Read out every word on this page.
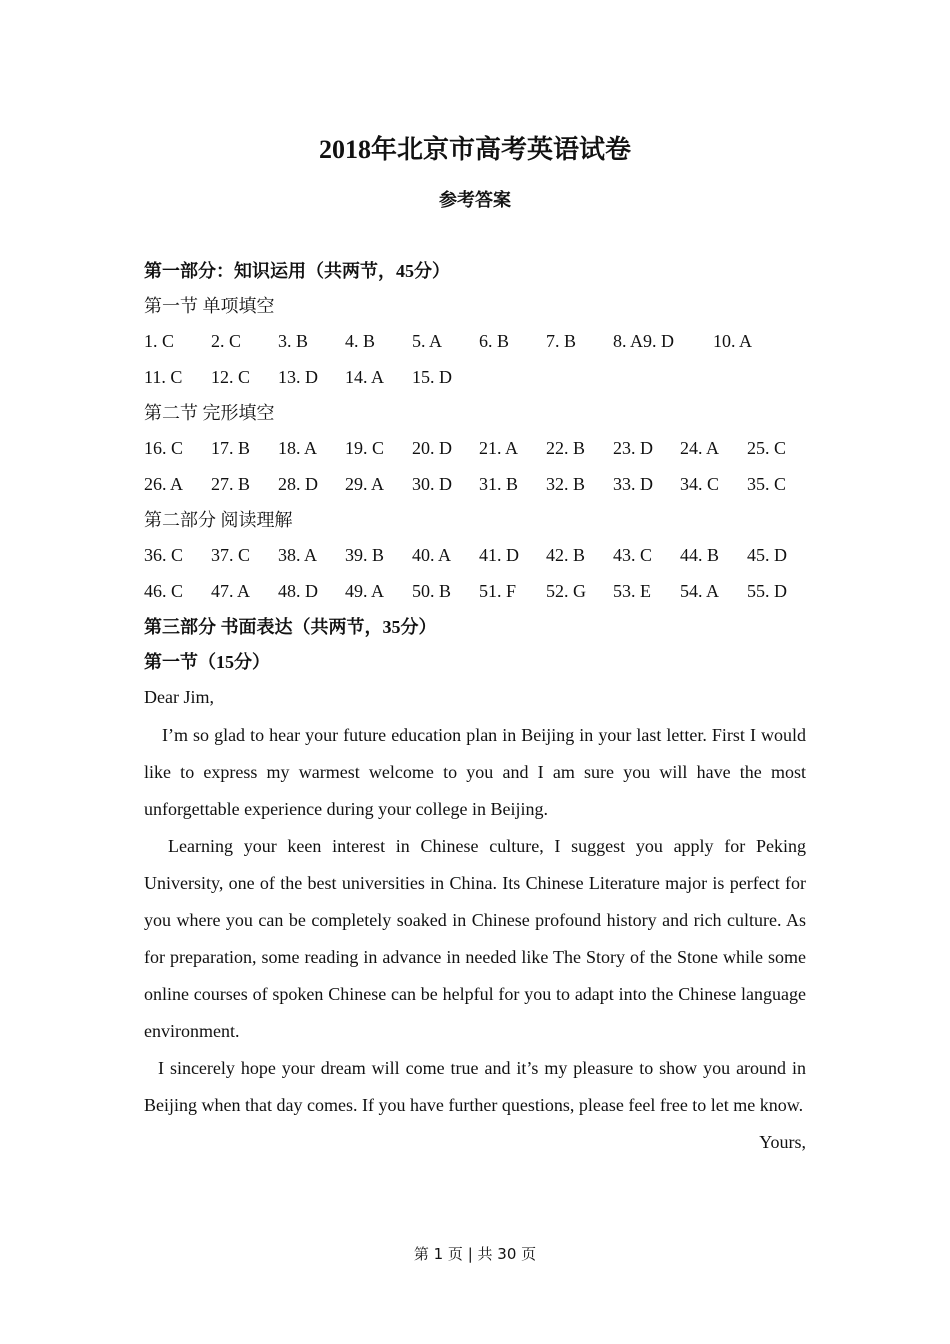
2018年北京市高考英语试卷
参考答案
第一部分：知识运用（共两节，45分）
第一节 单项填空
1. C 2. C 3. B 4. B 5. A 6. B 7. B 8. A9. D 10. A
11. C 12. C 13. D 14. A 15. D
第二节 完形填空
16. C 17. B 18. A 19. C 20. D 21. A 22. B 23. D 24. A 25. C
26. A 27. B 28. D 29. A 30. D 31. B 32. B 33. D 34. C 35. C
第二部分 阅读理解
36. C 37. C 38. A 39. B 40. A 41. D 42. B 43. C 44. B 45. D
46. C 47. A 48. D 49. A 50. B 51. F 52. G 53. E 54. A 55. D
第三部分 书面表达（共两节，35分）
第一节（15分）
Dear Jim,

I’m so glad to hear your future education plan in Beijing in your last letter. First I would like to express my warmest welcome to you and I am sure you will have the most unforgettable experience during your college in Beijing.

Learning your keen interest in Chinese culture, I suggest you apply for Peking University, one of the best universities in China. Its Chinese Literature major is perfect for you where you can be completely soaked in Chinese profound history and rich culture. As for preparation, some reading in advance in needed like The Story of the Stone while some online courses of spoken Chinese can be helpful for you to adapt into the Chinese language environment.

I sincerely hope your dream will come true and it’s my pleasure to show you around in Beijing when that day comes. If you have further questions, please feel free to let me know.

Yours,
第 1 页 | 共 30 页
